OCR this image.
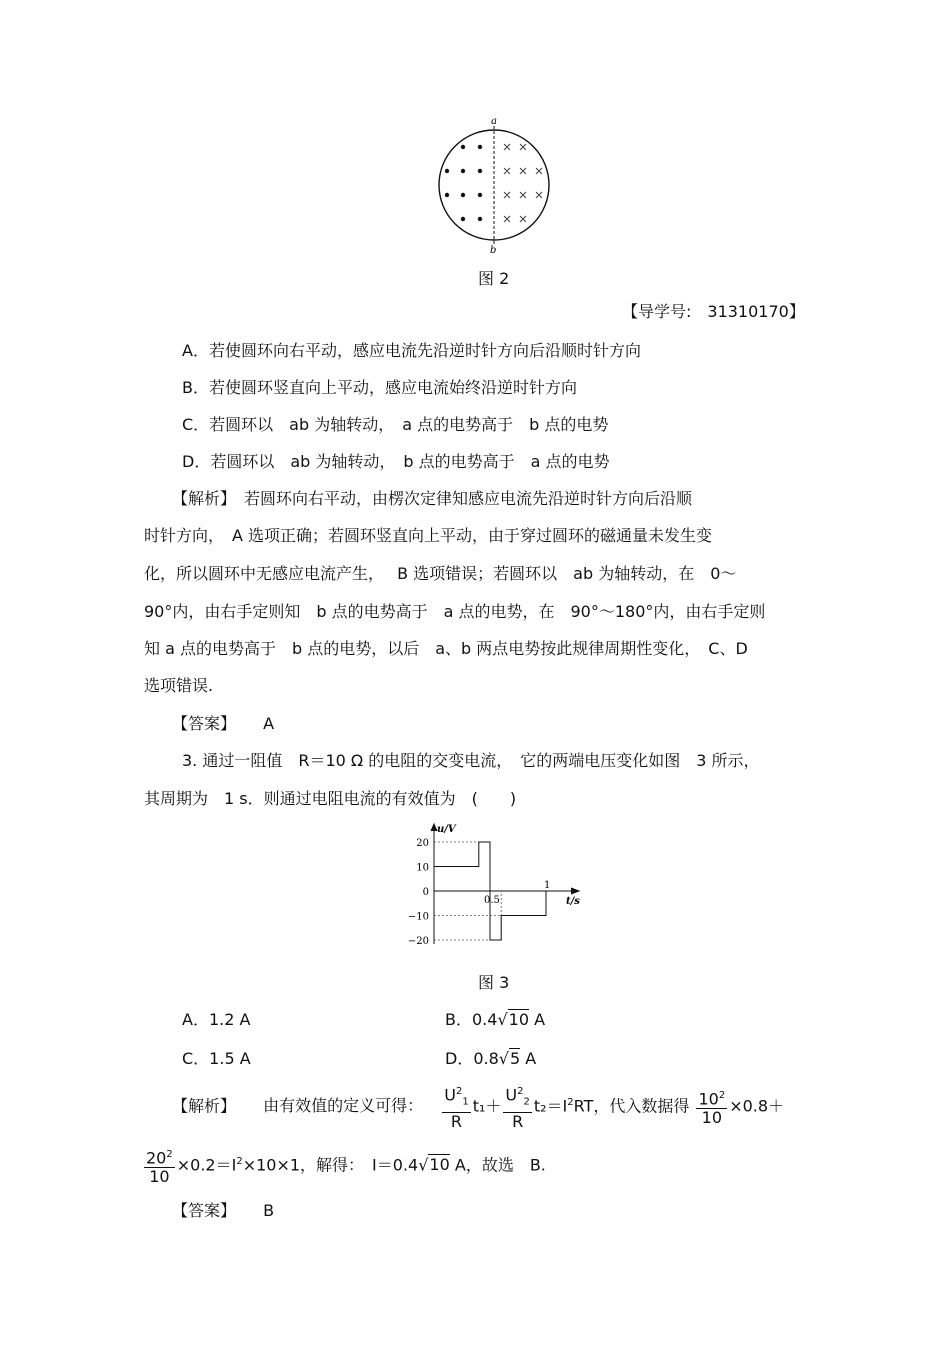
a
b
图 2
【导学号:　31310170】
A．若使圆环向右平动，感应电流先沿逆时针方向后沿顺时针方向
B．若使圆环竖直向上平动，感应电流始终沿逆时针方向
C．若圆环以　ab 为轴转动，　a 点的电势高于　b 点的电势
D．若圆环以　ab 为轴转动，　b 点的电势高于　a 点的电势
【解析】　若圆环向右平动，由楞次定律知感应电流先沿逆时针方向后沿顺
时针方向，　A 选项正确；若圆环竖直向上平动，由于穿过圆环的磁通量未发生变
化，所以圆环中无感应电流产生，　 B 选项错误；若圆环以　ab 为轴转动，在　0～
90°内，由右手定则知　b 点的电势高于　a 点的电势，在　90°～180°内，由右手定则
知 a 点的电势高于　b 点的电势，以后　a、b 两点电势按此规律周期性变化，　C、D
选项错误.
【答案】 A
3. 通过一阻值　R＝10 Ω 的电阻的交变电流，　它的两端电压变化如图　3 所示，
其周期为　1 s．则通过电阻电流的有效值为　(　　)
20
10
0
−10
−20
0.5
1
u/V
t/s
图 3
A．1.2 A	B．0.4√10 A
C．1.5 A	D．0.8√5 A
【解析】 由有效值的定义可得： $\frac{U^2_1}{R} t_1+ \frac{U^2_2}{R} t_2=I^2RT$，代入数据得 $\frac{10^2}{10} \times 0.8+$
$\frac{20^2}{10} \times 0.2=I^2\times 10\times 1$，解得：　I＝0.4√10 A，故选　B.
【答案】 B
